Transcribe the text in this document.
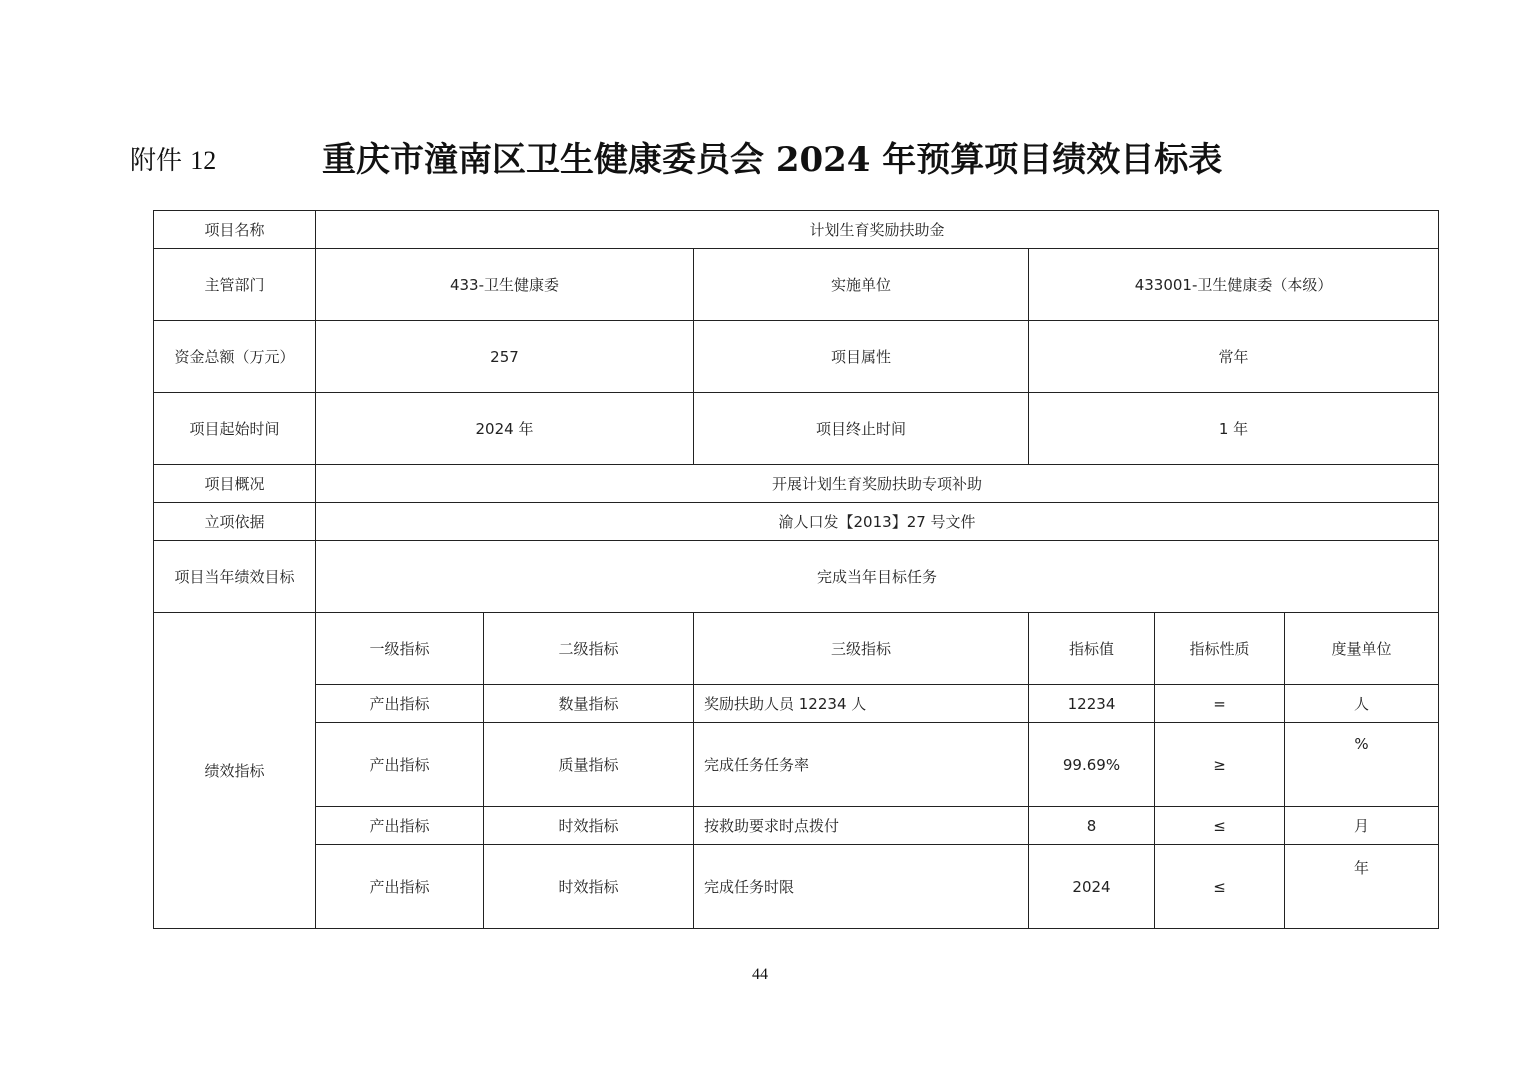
附件 12	重庆市潼南区卫生健康委员会 2024 年预算项目绩效目标表
项目名称	计划生育奖励扶助金					
主管部门	433-卫生健康委		实施单位	433001-卫生健康委（本级）		
资金总额（万元）	257		项目属性	常年		
项目起始时间	2024 年		项目终止时间	1 年		
项目概况	开展计划生育奖励扶助专项补助					
立项依据	渝人口发【2013】27 号文件					
项目当年绩效目标	完成当年目标任务					
绩效指标	一级指标	二级指标	三级指标	指标值	指标性质	度量单位
	产出指标	数量指标	奖励扶助人员 12234 人	12234	=	人
	产出指标	质量指标	完成任务任务率	99.69%	≥	%
	产出指标	时效指标	按救助要求时点拨付	8	≤	月
	产出指标	时效指标	完成任务时限	2024	≤	年
44
